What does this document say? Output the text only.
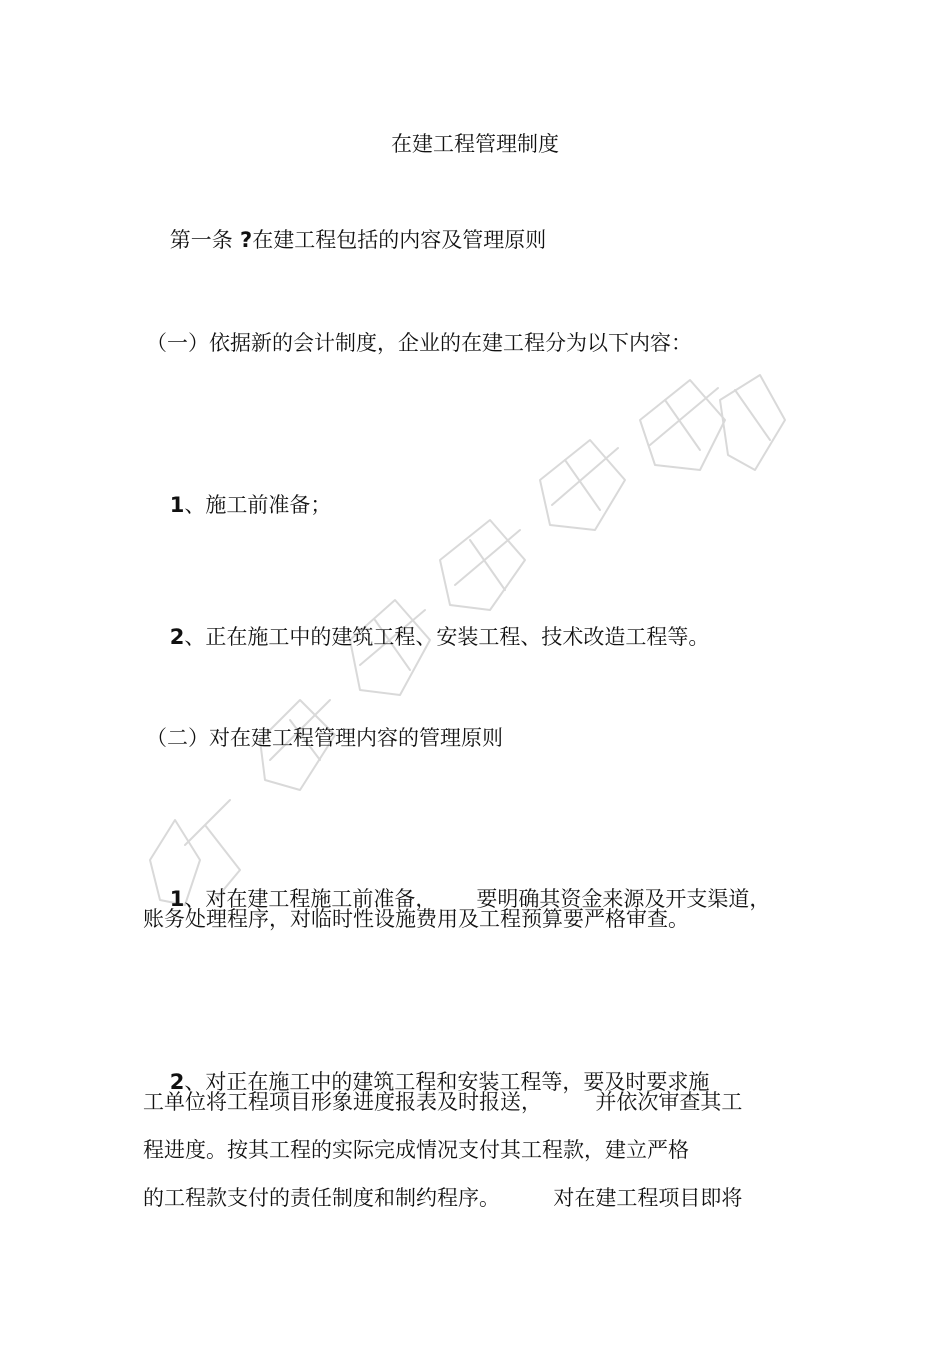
在建工程管理制度

第一条 ?在建工程包括的内容及管理原则

（一）依据新的会计制度，企业的在建工程分为以下内容：

1、施工前准备；

2、正在施工中的建筑工程、安装工程、技术改造工程等。

（二）对在建工程管理内容的管理原则

1、对在建工程施工前准备，      要明确其资金来源及开支渠道，

账务处理程序，对临时性设施费用及工程预算要严格审查。

2、对正在施工中的建筑工程和安装工程等，要及时要求施

工单位将工程项目形象进度报表及时报送，        并依次审查其工
程进度。按其工程的实际完成情况支付其工程款，建立严格
的工程款支付的责任制度和制约程序。        对在建工程项目即将
